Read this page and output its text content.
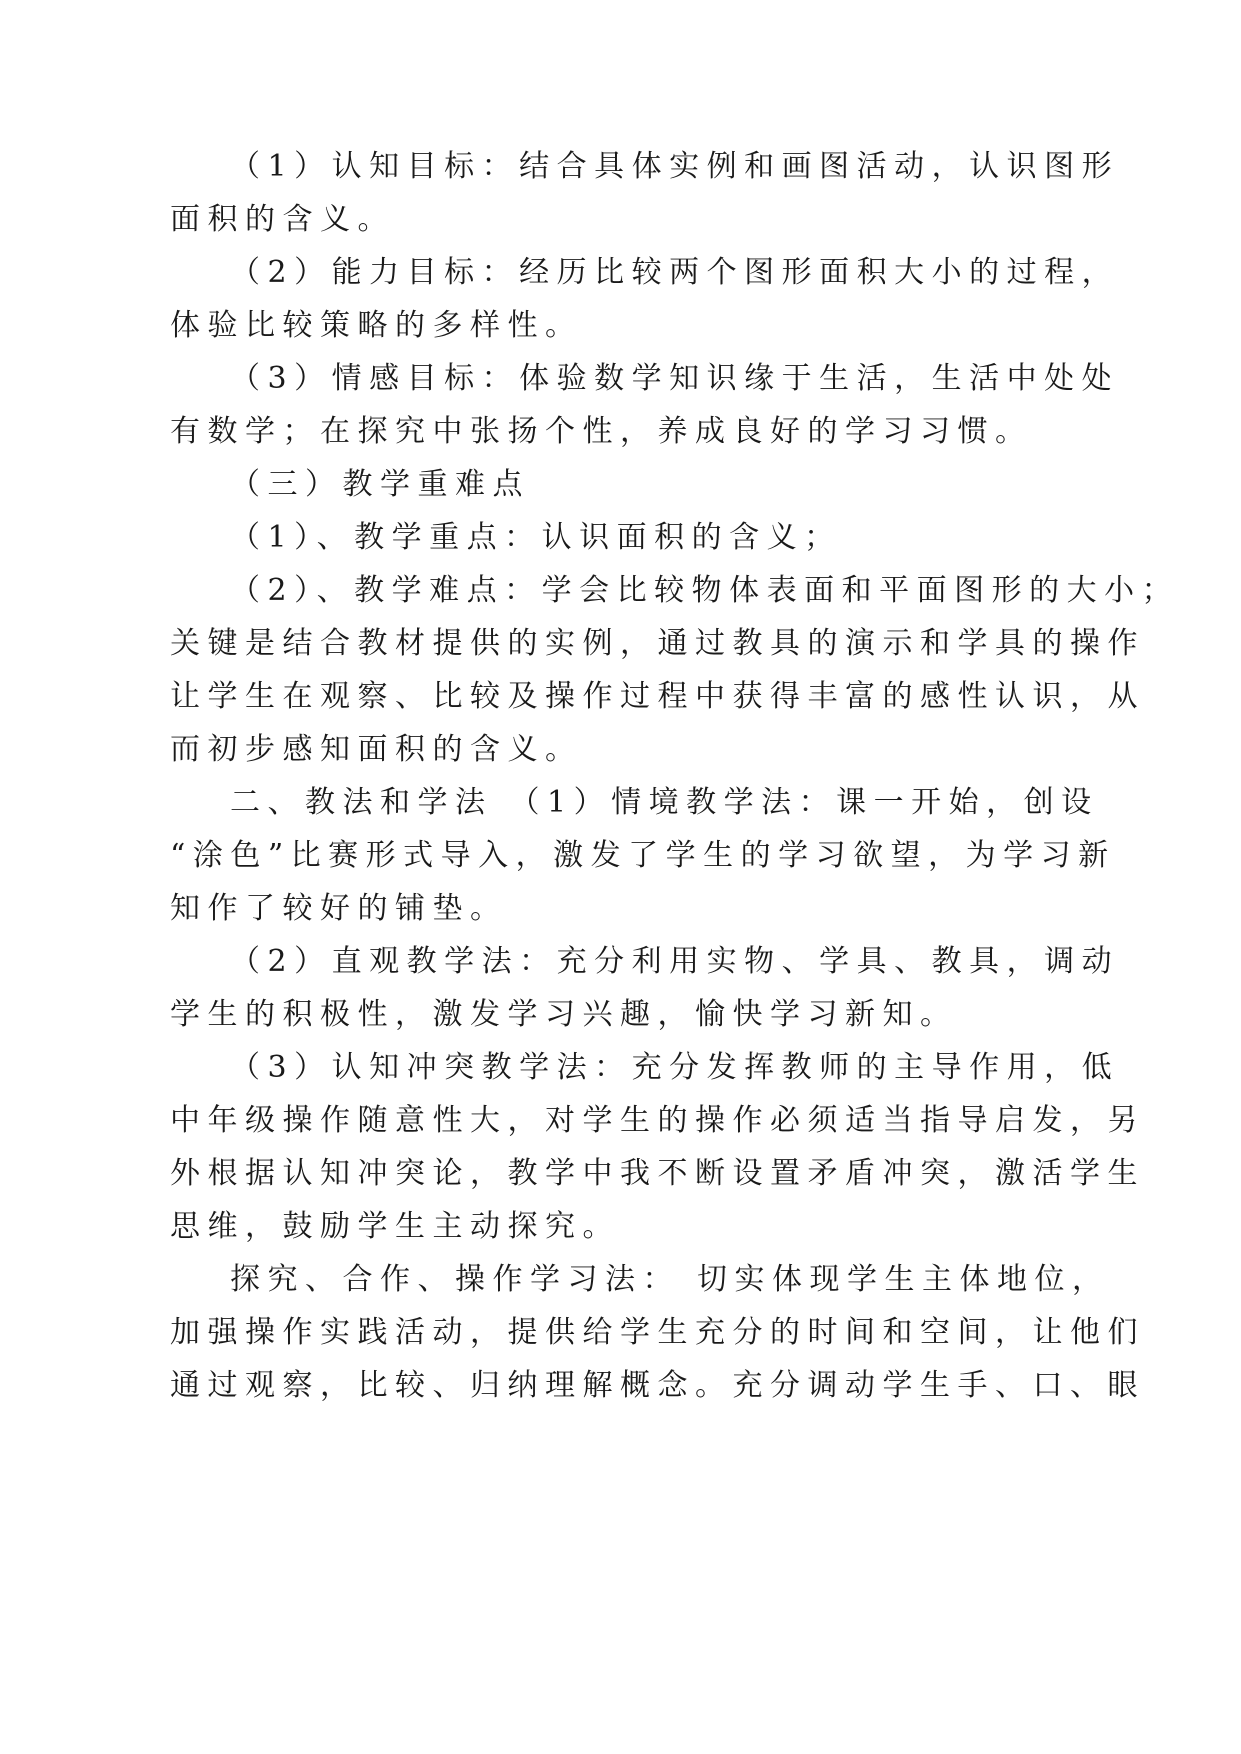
（1）认知目标：结合具体实例和画图活动，认识图形
面积的含义。
（2）能力目标：经历比较两个图形面积大小的过程，
体验比较策略的多样性。
（3）情感目标：体验数学知识缘于生活，生活中处处
有数学；在探究中张扬个性，养成良好的学习习惯。
（三）教学重难点
（1）、教学重点：认识面积的含义；
（2）、教学难点：学会比较物体表面和平面图形的大小；
关键是结合教材提供的实例，通过教具的演示和学具的操作
让学生在观察、比较及操作过程中获得丰富的感性认识，从
而初步感知面积的含义。
二、教法和学法 （1）情境教学法：课一开始，创设
“涂色”比赛形式导入，激发了学生的学习欲望，为学习新
知作了较好的铺垫。
（2）直观教学法：充分利用实物、学具、教具，调动
学生的积极性，激发学习兴趣，愉快学习新知。
（3）认知冲突教学法：充分发挥教师的主导作用，低
中年级操作随意性大，对学生的操作必须适当指导启发，另
外根据认知冲突论，教学中我不断设置矛盾冲突，激活学生
思维，鼓励学生主动探究。
探究、合作、操作学习法： 切实体现学生主体地位，
加强操作实践活动，提供给学生充分的时间和空间，让他们
通过观察，比较、归纳理解概念。充分调动学生手、口、眼
